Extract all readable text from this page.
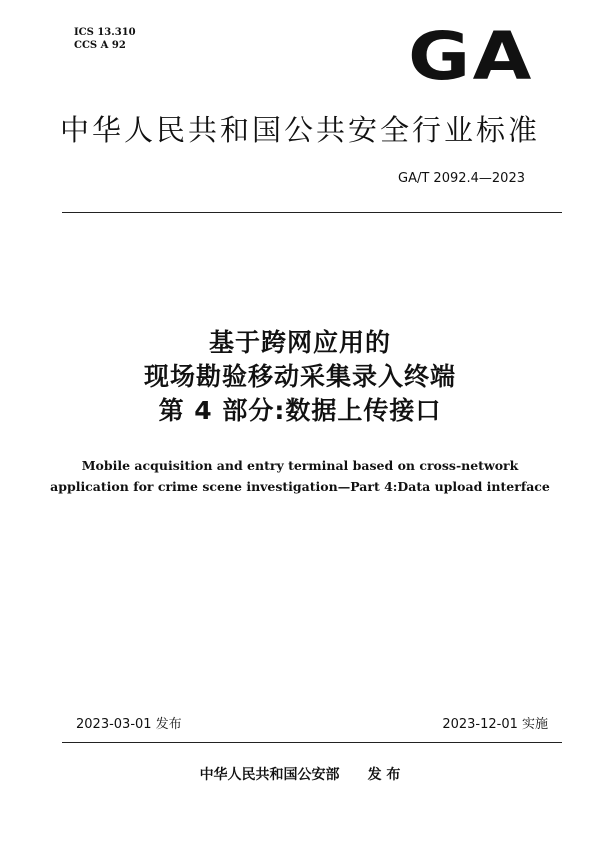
ICS 13.310
CCS A 92	GA
中华人民共和国公共安全行业标准
GA/T 2092.4—2023
基于跨网应用的
现场勘验移动采集录入终端
第 4 部分:数据上传接口
Mobile acquisition and entry terminal based on cross-network
application for crime scene investigation—Part 4:Data upload interface
2023-03-01 发布	2023-12-01 实施
中华人民共和国公安部 发 布
